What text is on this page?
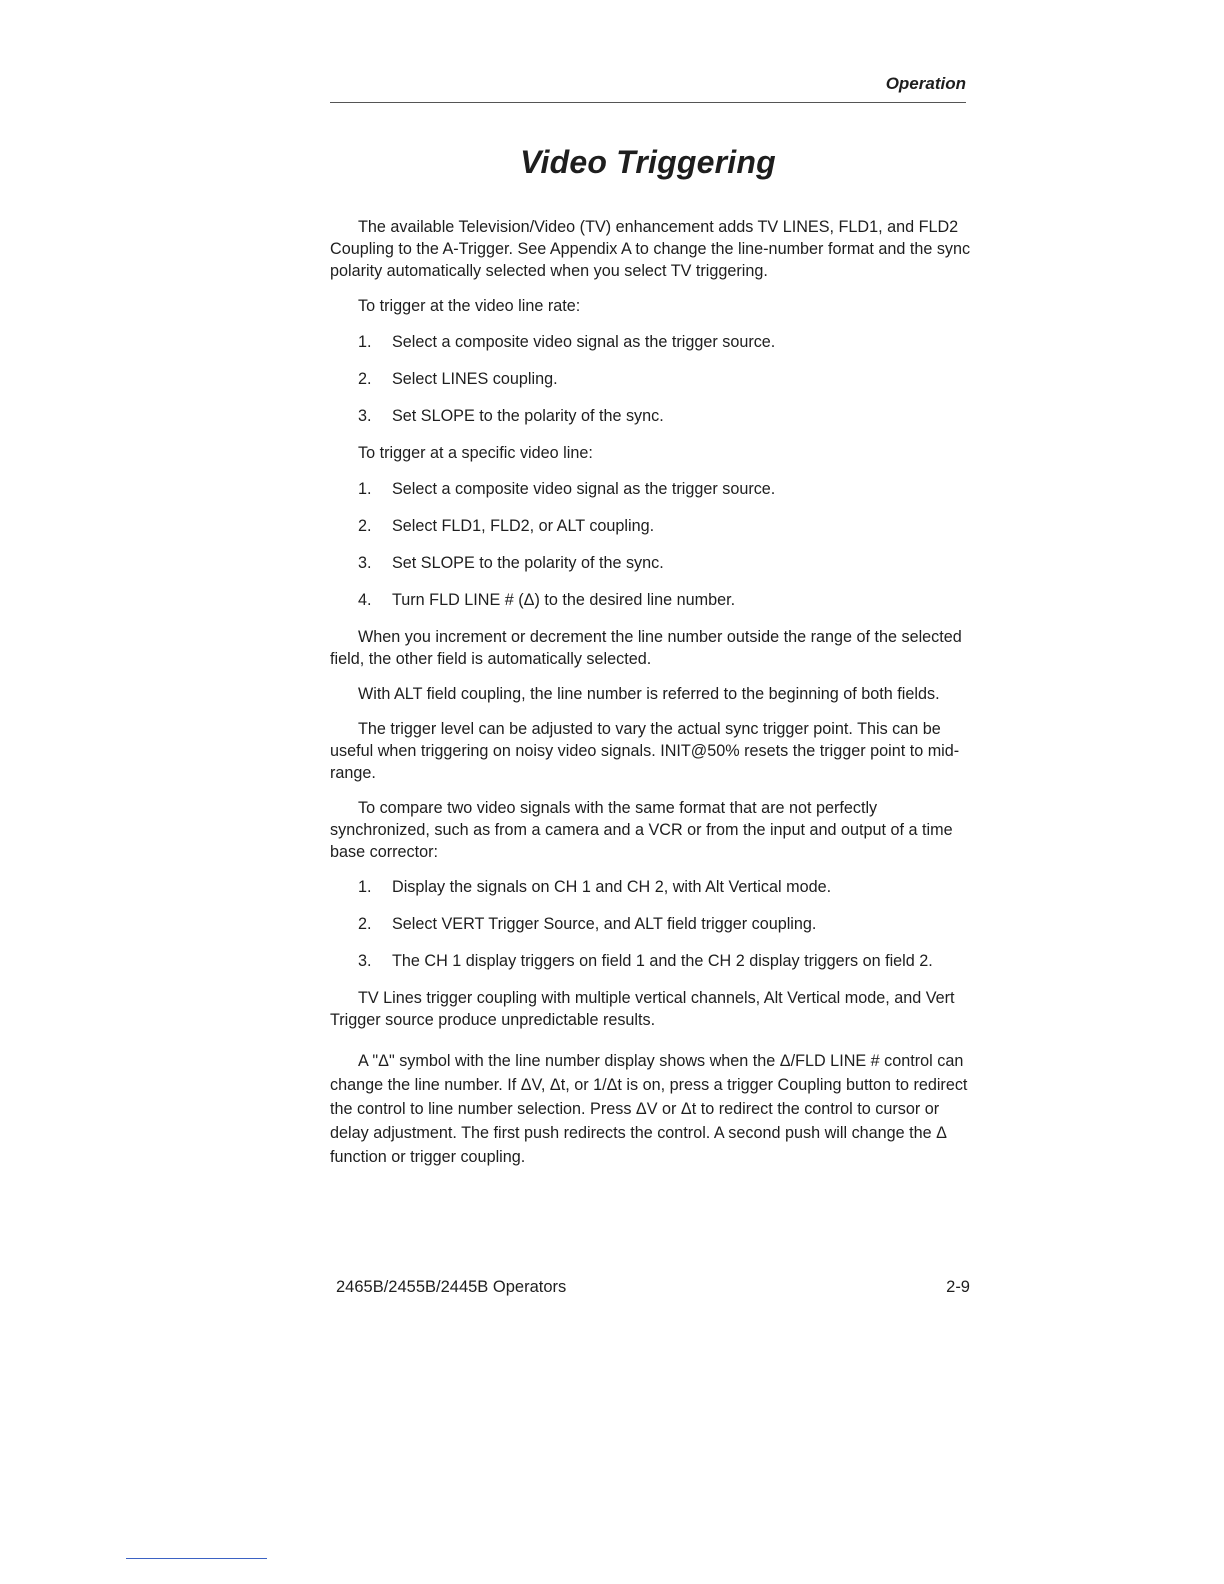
Operation
Video Triggering

The available Television/Video (TV) enhancement adds TV LINES, FLD1, and FLD2 Coupling to the A-Trigger. See Appendix A to change the line-number format and the sync polarity automatically selected when you select TV triggering.

To trigger at the video line rate:

1.	Select a composite video signal as the trigger source.
2.	Select LINES coupling.
3.	Set SLOPE to the polarity of the sync.

To trigger at a specific video line:

1.	Select a composite video signal as the trigger source.
2.	Select FLD1, FLD2, or ALT coupling.
3.	Set SLOPE to the polarity of the sync.
4.	Turn FLD LINE # (Δ) to the desired line number.

When you increment or decrement the line number outside the range of the selected field, the other field is automatically selected.

With ALT field coupling, the line number is referred to the beginning of both fields.

The trigger level can be adjusted to vary the actual sync trigger point. This can be useful when triggering on noisy video signals. INIT@50% resets the trigger point to mid-range.

To compare two video signals with the same format that are not perfectly synchronized, such as from a camera and a VCR or from the input and output of a time base corrector:

1.	Display the signals on CH 1 and CH 2, with Alt Vertical mode.
2.	Select VERT Trigger Source, and ALT field trigger coupling.
3.	The CH 1 display triggers on field 1 and the CH 2 display triggers on field 2.

TV Lines trigger coupling with multiple vertical channels, Alt Vertical mode, and Vert Trigger source produce unpredictable results.

A "Δ" symbol with the line number display shows when the Δ/FLD LINE # control can change the line number. If ΔV, Δt, or 1/Δt is on, press a trigger Coupling button to redirect the control to line number selection. Press ΔV or Δt to redirect the control to cursor or delay adjustment. The first push redirects the control. A second push will change the Δ function or trigger coupling.

2465B/2455B/2445B Operators	2-9
